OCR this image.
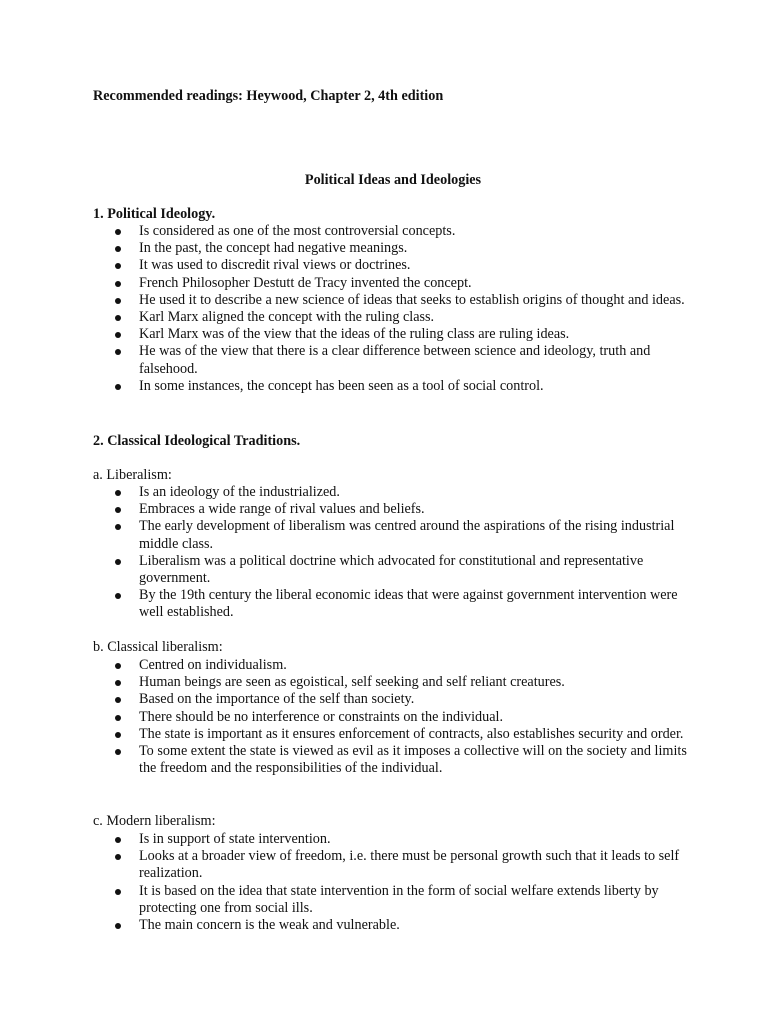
Recommended readings: Heywood, Chapter 2, 4th edition
Political Ideas and Ideologies
1. Political Ideology.
Is considered as one of the most controversial concepts.
In the past, the concept had negative meanings.
It was used to discredit rival views or doctrines.
French Philosopher Destutt de Tracy invented the concept.
He used it to describe a new science of ideas that seeks to establish origins of thought and ideas.
Karl Marx aligned the concept with the ruling class.
Karl Marx was of the view that the ideas of the ruling class are ruling ideas.
He was of the view that there is a clear difference between science and ideology, truth and falsehood.
In some instances, the concept has been seen as a tool of social control.
2. Classical Ideological Traditions.
a. Liberalism:
Is an ideology of the industrialized.
Embraces a wide range of rival values and beliefs.
The early development of liberalism was centred around the aspirations of the rising industrial middle class.
Liberalism was a political doctrine which advocated for constitutional and representative government.
By the 19th century the liberal economic ideas that were against government intervention were well established.
b. Classical liberalism:
Centred on individualism.
Human beings are seen as egoistical, self seeking and self reliant creatures.
Based on the importance of the self than society.
There should be no interference or constraints on the individual.
The state is important as it ensures enforcement of contracts, also establishes security and order.
To some extent the state is viewed as evil as it imposes a collective will on the society and limits the freedom and the responsibilities of the individual.
c. Modern liberalism:
Is in support of state intervention.
Looks at a broader view of freedom, i.e. there must be personal growth such that it leads to self realization.
It is based on the idea that state intervention in the form of social welfare extends liberty by protecting one from social ills.
The main concern is the weak and vulnerable.
